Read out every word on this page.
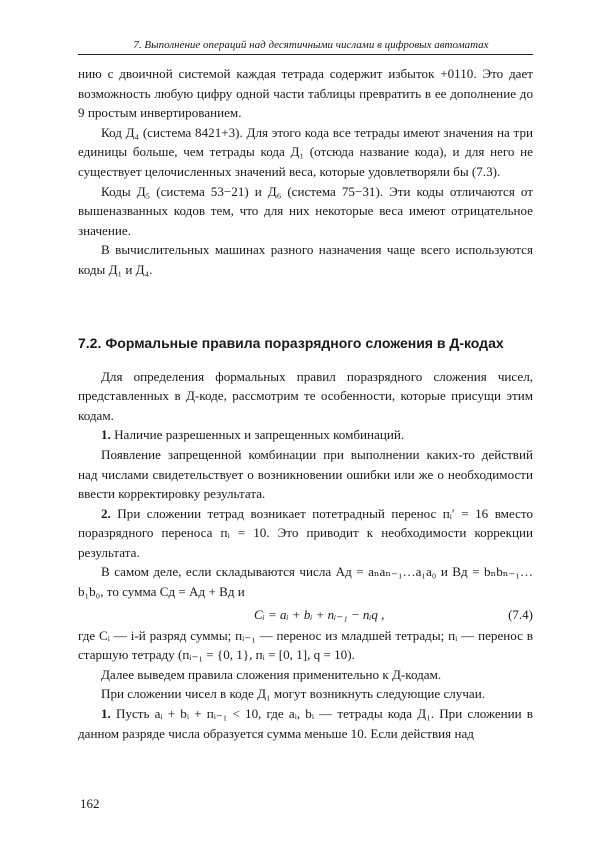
7. Выполнение операций над десятичными числами в цифровых автоматах

нию с двоичной системой каждая тетрада содержит избыток +0110. Это дает возможность любую цифру одной части таблицы превратить в ее дополнение до 9 простым инвертированием.

Код Д₄ (система 8421+3). Для этого кода все тетрады имеют значения на три единицы больше, чем тетрады кода Д₁ (отсюда название кода), и для него не существует целочисленных значений веса, которые удовлетворяли бы (7.3).

Коды Д₅ (система 53−21) и Д₆ (система 75−31). Эти коды отличаются от вышеназванных кодов тем, что для них некоторые веса имеют отрицательное значение.

В вычислительных машинах разного назначения чаще всего используются коды Д₁ и Д₄.

7.2. Формальные правила поразрядного сложения в Д-кодах

Для определения формальных правил поразрядного сложения чисел, представленных в Д-коде, рассмотрим те особенности, которые присущи этим кодам.

1. Наличие разрешенных и запрещенных комбинаций.

Появление запрещенной комбинации при выполнении каких-то действий над числами свидетельствует о возникновении ошибки или же о необходимости ввести корректировку результата.

2. При сложении тетрад возникает потетрадный перенос пᵢ′ = 16 вместо поразрядного переноса пᵢ = 10. Это приводит к необходимости коррекции результата.

В самом деле, если складываются числа Aд = aₙaₙ₋₁…a₁a₀ и Bд = bₙbₙ₋₁…b₁b₀, то сумма Cд = Aд + Bд и

Cᵢ = aᵢ + bᵢ + пᵢ₋₁ − пᵢq ,	(7.4)

где Cᵢ — i-й разряд суммы; пᵢ₋₁ — перенос из младшей тетрады; пᵢ — перенос в старшую тетраду (пᵢ₋₁ = {0, 1}, пᵢ = [0, 1], q = 10).

Далее выведем правила сложения применительно к Д-кодам.

При сложении чисел в коде Д₁ могут возникнуть следующие случаи.

1. Пусть aᵢ + bᵢ + пᵢ₋₁ < 10, где aᵢ, bᵢ — тетрады кода Д₁. При сложении в данном разряде числа образуется сумма меньше 10. Если действия над

162
